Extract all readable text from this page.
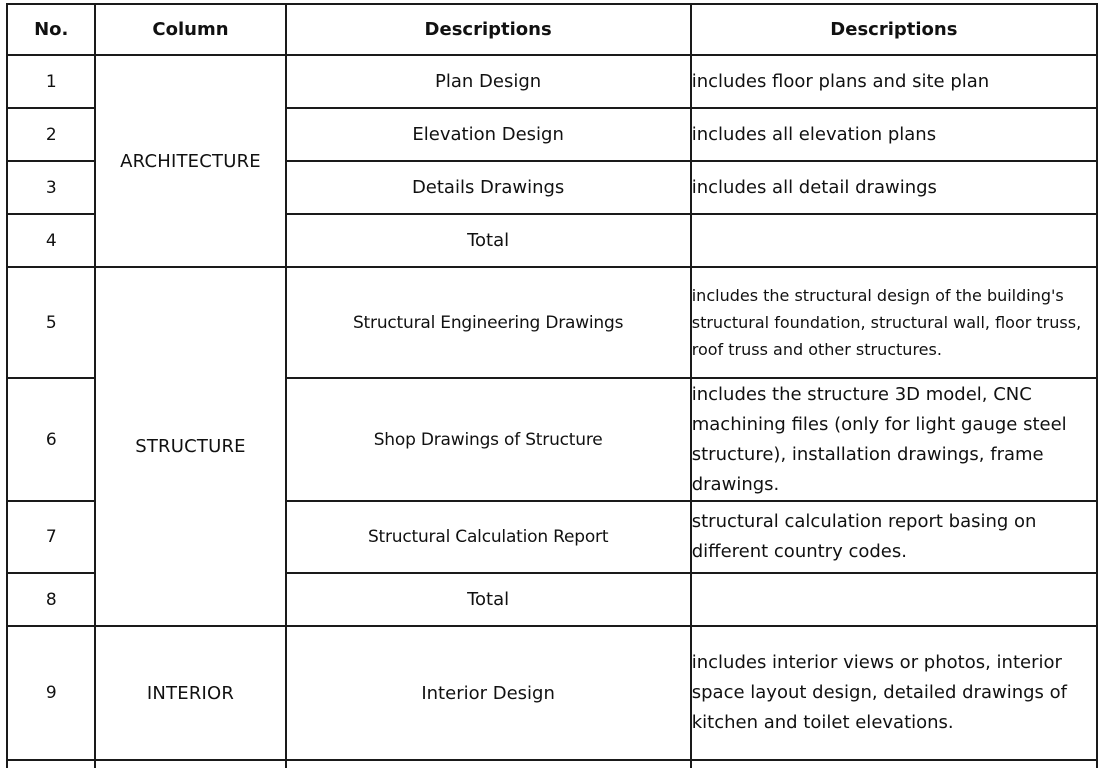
No.	Column	Descriptions	Descriptions
1	ARCHITECTURE	Plan Design	includes floor plans and site plan
2		Elevation Design	includes all elevation plans
3		Details Drawings	includes all detail drawings
4		Total	
5	STRUCTURE	Structural Engineering Drawings	includes the structural design of the building's structural foundation, structural wall, floor truss, roof truss and other structures.
6		Shop Drawings of Structure	includes the structure 3D model, CNC machining files (only for light gauge steel structure), installation drawings, frame drawings.
7		Structural Calculation Report	structural calculation report basing on different country codes.
8		Total	
9	INTERIOR	Interior Design	includes interior views or photos, interior space layout design, detailed drawings of kitchen and toilet elevations.
